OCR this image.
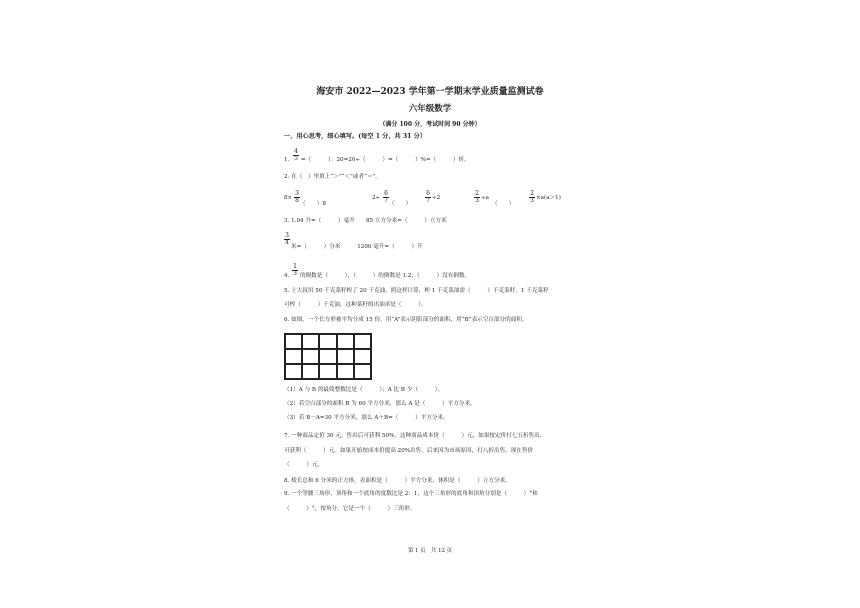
海安市 2022—2023 学年第一学期末学业质量监测试卷
六年级数学
（满分 100 分，考试时间 90 分钟）
一、用心思考，细心填写。(每空 1 分，共 31 分）
1. $\frac{4}{5}$ =（　　　）：20=20÷（　　　）=（　　　）%=（　　　）折。
2. 在（　）里填上“＞”“＜”或者“＝”。
$8\times \frac{3}{8}$ （　　）8
$2\div \frac{6}{7}$ （　　） $\frac{6}{7} \div 2$	$\frac{2}{3} \div a$
（　　） $\frac{2}{3} \times a(a>1)$
3. 1.04 升=（　　　）毫升　　85 立方分米=（　　　）立方米
$\frac{3}{4}$
米=（　　　）分米　　　1200 毫升=（　　　）升
4. $\frac{1}{3}$ 的倒数是（　　　），（　　　）的倒数是 1.2，（　　　）没有倒数。
5. 士大叔用 50 千克菜籽榨了 20 千克油，照这样计算，榨 1 千克菜油需（　　　）千克菜籽，1 千克菜籽
可榨（　　　）千克油，这种菜籽的出油率是（　　　）。
6. 如图，一个长方形被平均分成 15 份，用“A”表示阴影部分的面积，用“B”表示空白部分的面积。
（1）A 与 B 的最简整数比是（　　　）；A 比 B 少（　　　）。
（2）若空白部分的面积 B 为 60 平方分米，那么 A 是（　　　）平方分米。
（3）若 B－A=30 平方分米，那么 A＋B=（　　　）平方分米。
7. 一种商品定价 30 元，售出后可获利 50%，这种商品成本价（　　　）元，如果按定价打七五折售出，
可获利（　　　）元。如果开始按成本价提高 20%出售，后来因为市场原因，打八折出售，现在售价
（　　　）元。
8. 棱长总和 6 分米的正方体，表面积是（　　　）平方分米，体积是（　　　）立方分米。
9. 一个等腰三角形，顶角和一个底角的度数比是 2：1，这个三角形的底角和顶角分别是（　　　）°和
（　　　）°，按角分，它是一个（　　　）三角形。
第 1 页　共 12 页
